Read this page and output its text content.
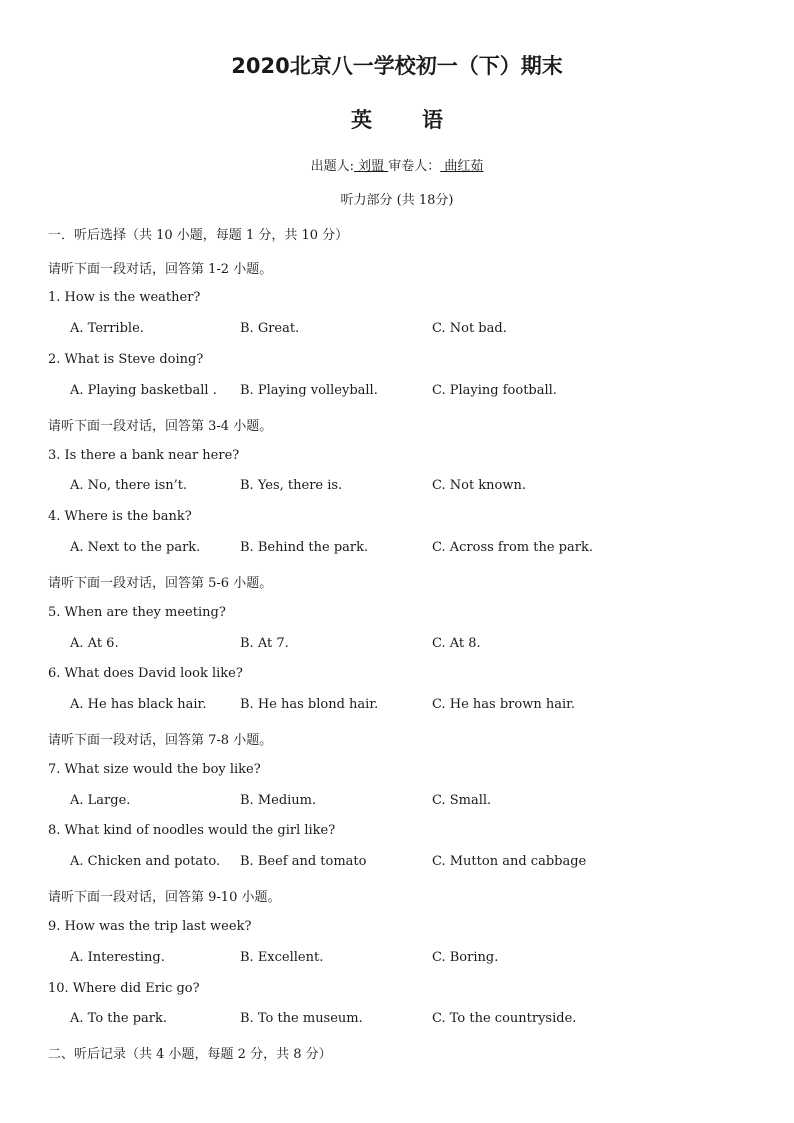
2020北京八一学校初一（下）期末
英 语
出题人: 刘盟 审卷人： 曲红茹
听力部分 (共 18分)
一．听后选择（共 10 小题，每题 1 分，共 10 分）
请听下面一段对话，回答第 1-2 小题。
1. How is the weather?
A. Terrible.	B. Great.	C. Not bad.
2. What is Steve doing?
A. Playing basketball . B. Playing volleyball.	C. Playing football.
请听下面一段对话，回答第 3-4 小题。
3. Is there a bank near here?
A. No, there isn’t.	B. Yes, there is.	C. Not known.
4. Where is the bank?
A. Next to the park.	B. Behind the park.	C. Across from the park.
请听下面一段对话，回答第 5-6 小题。
5. When are they meeting?
A. At 6.	B. At 7.	C. At 8.
6. What does David look like?
A. He has black hair.	B. He has blond hair.	C. He has brown hair.
请听下面一段对话，回答第 7-8 小题。
7. What size would the boy like?
A. Large.	B. Medium.	C. Small.
8. What kind of noodles would the girl like?
A. Chicken and potato. B. Beef and tomato	C. Mutton and cabbage
请听下面一段对话，回答第 9-10 小题。
9. How was the trip last week?
A. Interesting.	B. Excellent.	C. Boring.
10. Where did Eric go?
A. To the park.	B. To the museum.	C. To the countryside.
二、听后记录（共 4 小题，每题 2 分，共 8 分）
